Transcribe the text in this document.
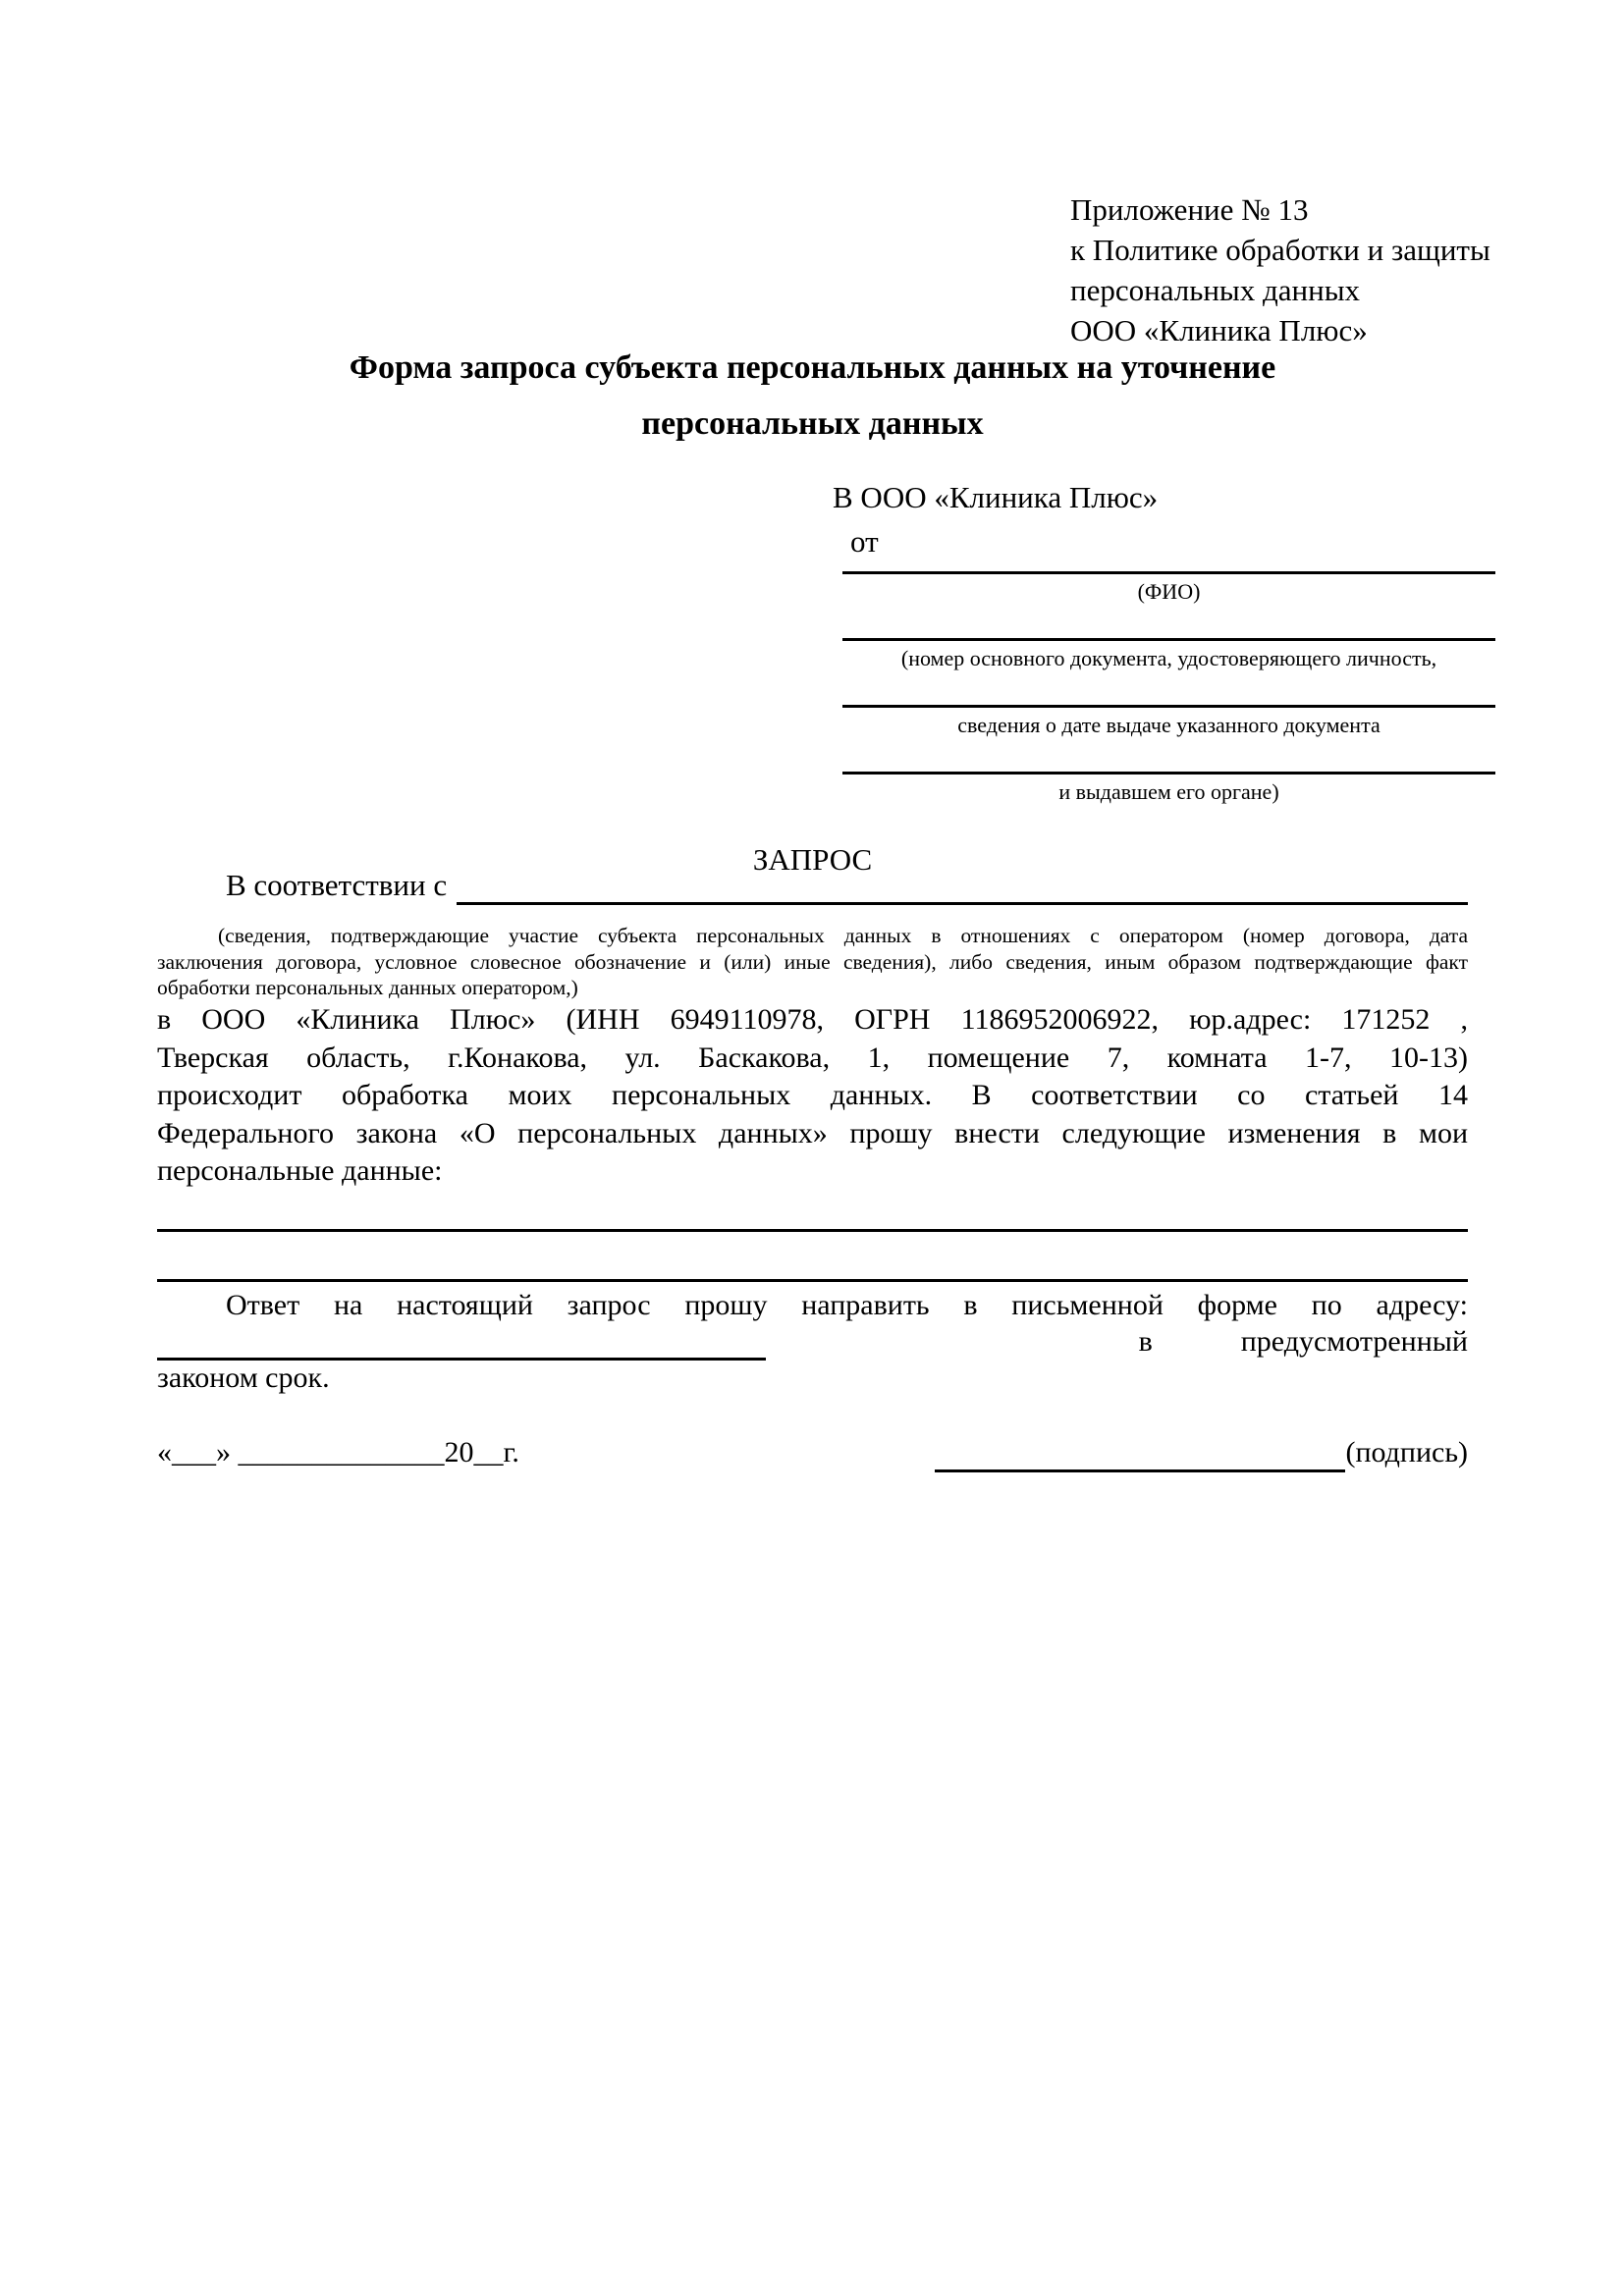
Приложение № 13
к Политике обработки и защиты
персональных данных
ООО «Клиника Плюс»
Форма запроса субъекта персональных данных на уточнение
персональных данных
В ООО «Клиника Плюс»
от
(ФИО)
(номер основного документа, удостоверяющего личность,
сведения о дате выдаче указанного документа
и выдавшем его органе)
ЗАПРОС
В соответствии с
(сведения, подтверждающие участие субъекта персональных данных в отношениях с оператором (номер договора, дата
заключения договора, условное словесное обозначение и (или) иные сведения), либо сведения, иным образом подтверждающие факт
обработки персональных данных оператором,)
в ООО «Клиника Плюс» (ИНН 6949110978, ОГРН 1186952006922, юр.адрес: 171252 ,
Тверская область, г.Конакова, ул. Баскакова, 1, помещение 7, комната 1-7, 10-13)
происходит обработка моих персональных данных. В соответствии со статьей 14
Федерального закона «О персональных данных» прошу внести следующие изменения в мои
персональные данные:
Ответ на настоящий запрос прошу направить в письменной форме по адресу:
в	предусмотренный
законом срок.
«___» ______________20__г.	(подпись)
